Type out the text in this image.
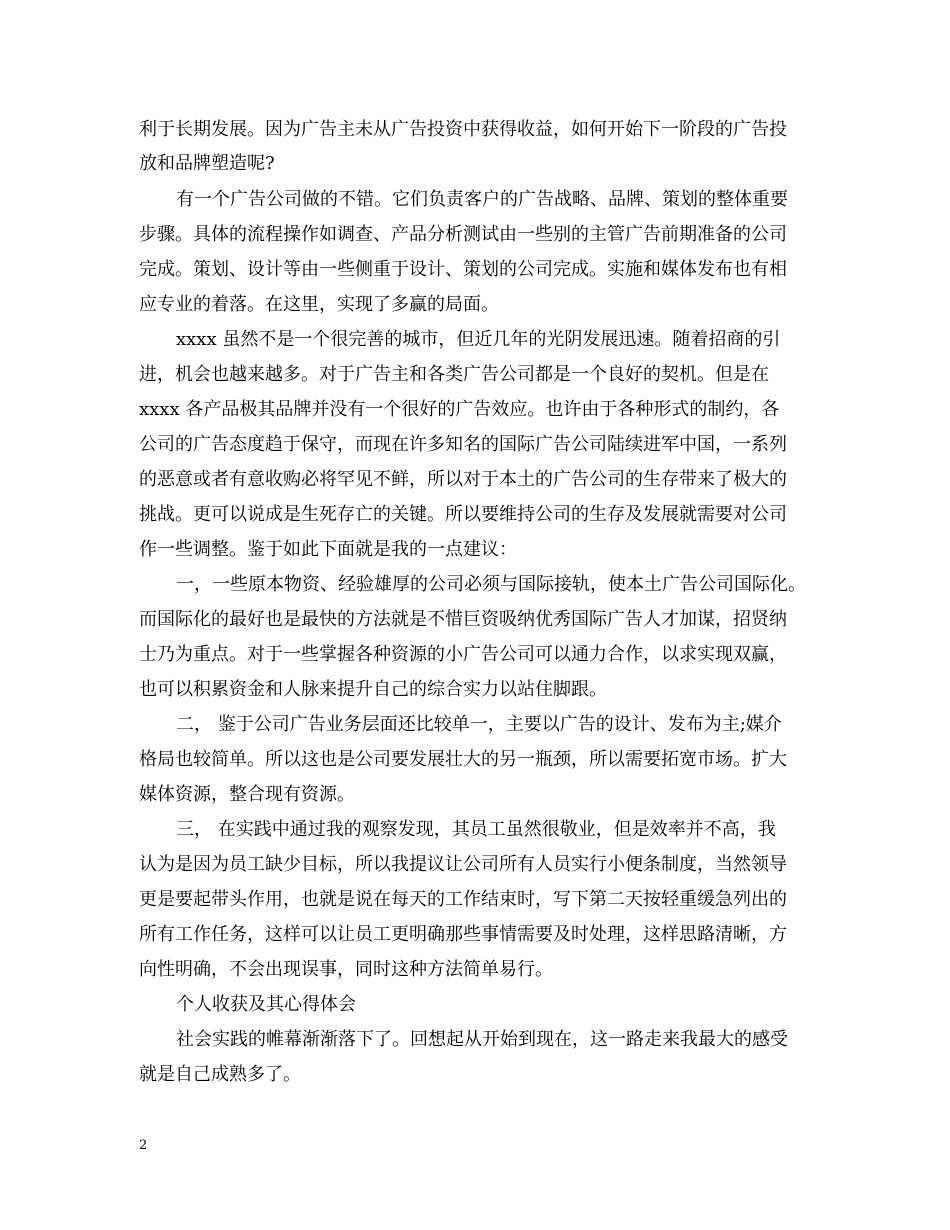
利于长期发展。因为广告主未从广告投资中获得收益，如何开始下一阶段的广告投
放和品牌塑造呢?
有一个广告公司做的不错。它们负责客户的广告战略、品牌、策划的整体重要
步骤。具体的流程操作如调查、产品分析测试由一些别的主管广告前期准备的公司
完成。策划、设计等由一些侧重于设计、策划的公司完成。实施和媒体发布也有相
应专业的着落。在这里，实现了多赢的局面。
xxxx 虽然不是一个很完善的城市，但近几年的光阴发展迅速。随着招商的引
进，机会也越来越多。对于广告主和各类广告公司都是一个良好的契机。但是在
xxxx 各产品极其品牌并没有一个很好的广告效应。也许由于各种形式的制约，各
公司的广告态度趋于保守，而现在许多知名的国际广告公司陆续进军中国，一系列
的恶意或者有意收购必将罕见不鲜，所以对于本土的广告公司的生存带来了极大的
挑战。更可以说成是生死存亡的关键。所以要维持公司的生存及发展就需要对公司
作一些调整。鉴于如此下面就是我的一点建议：
一，一些原本物资、经验雄厚的公司必须与国际接轨，使本土广告公司国际化。
而国际化的最好也是最快的方法就是不惜巨资吸纳优秀国际广告人才加谋，招贤纳
士乃为重点。对于一些掌握各种资源的小广告公司可以通力合作，以求实现双赢，
也可以积累资金和人脉来提升自己的综合实力以站住脚跟。
二， 鉴于公司广告业务层面还比较单一，主要以广告的设计、发布为主;媒介
格局也较简单。所以这也是公司要发展壮大的另一瓶颈，所以需要拓宽市场。扩大
媒体资源，整合现有资源。
三， 在实践中通过我的观察发现，其员工虽然很敬业，但是效率并不高，我
认为是因为员工缺少目标，所以我提议让公司所有人员实行小便条制度，当然领导
更是要起带头作用，也就是说在每天的工作结束时，写下第二天按轻重缓急列出的
所有工作任务，这样可以让员工更明确那些事情需要及时处理，这样思路清晰，方
向性明确，不会出现误事，同时这种方法简单易行。
个人收获及其心得体会
社会实践的帷幕渐渐落下了。回想起从开始到现在，这一路走来我最大的感受
就是自己成熟多了。
2
